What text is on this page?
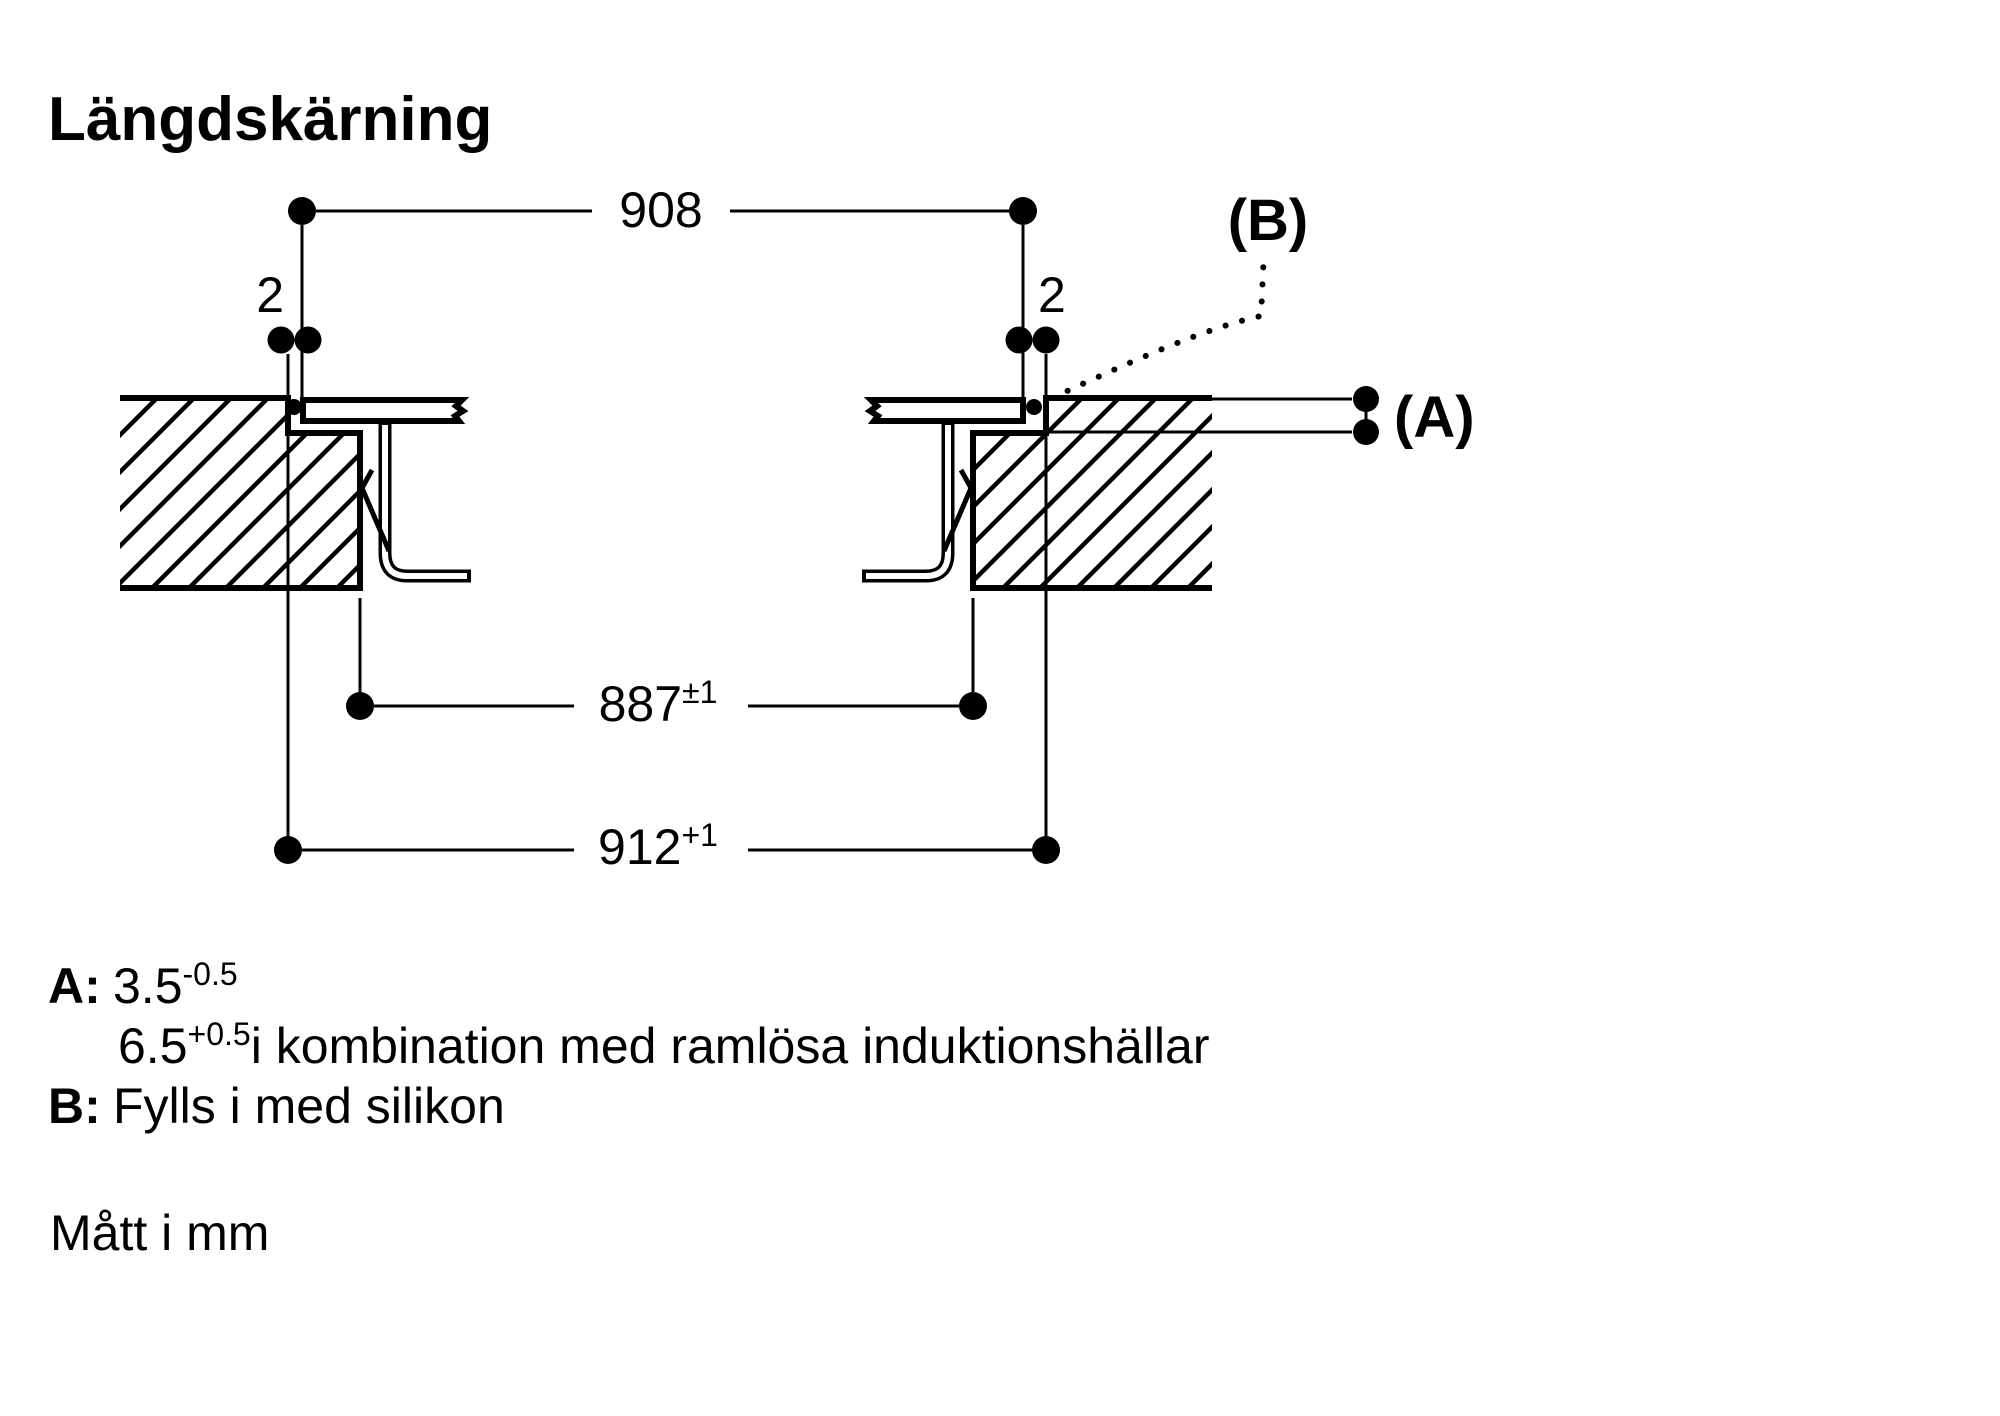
Längdskärning
908
2	2
$887^{\pm 1}$
$912^{+1}$
(B)
(A)
A: 3.5$^{-0.5}$
6.5$^{+0.5}$i kombination med ramlösa induktionshällar
B: Fylls i med silikon
Mått i mm
